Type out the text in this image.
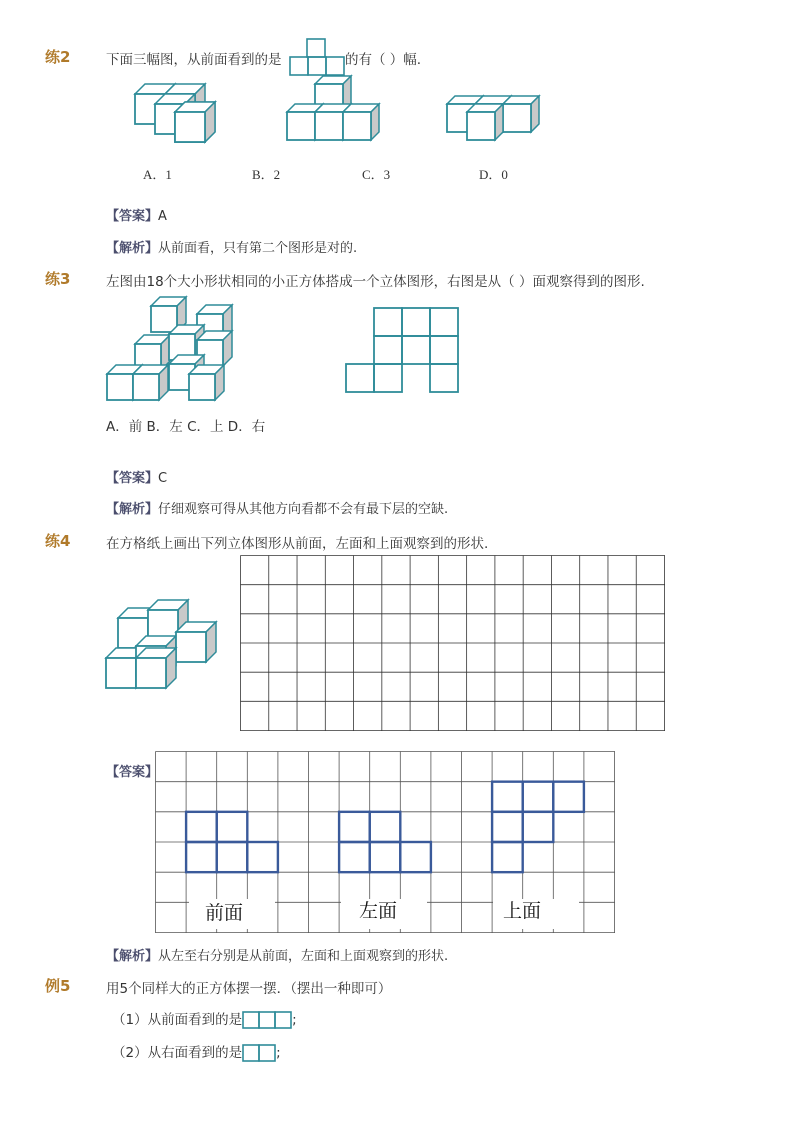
练2	下面三幅图，从前面看到的是	的有（ ）幅.
A．1	B．2	C．3	D．0
【答案】A
【解析】从前面看，只有第二个图形是对的.
练3	左图由18个大小形状相同的小正方体搭成一个立体图形，右图是从（ ）面观察得到的图形.
A．前 B．左 C．上 D．右
【答案】C
【解析】仔细观察可得从其他方向看都不会有最下层的空缺.
练4	在方格纸上画出下列立体图形从前面，左面和上面观察到的形状.
【答案】
前面	左面	上面
【解析】从左至右分别是从前面，左面和上面观察到的形状.
例5	用5个同样大的正方体摆一摆．（摆出一种即可）
（1）从前面看到的是	;
（2）从右面看到的是	;
